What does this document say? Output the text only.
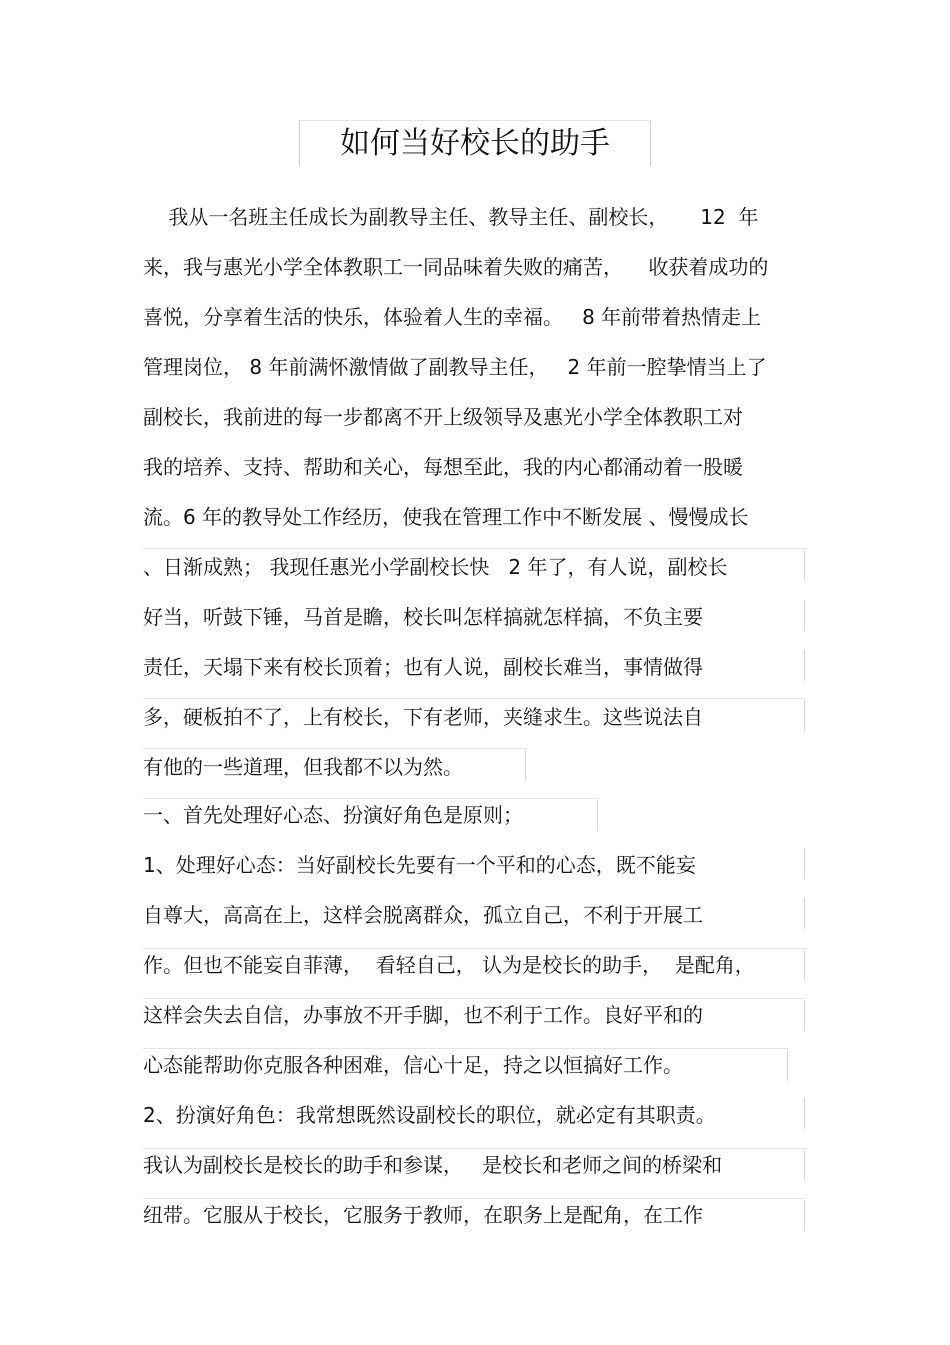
如何当好校长的助手
我从一名班主任成长为副教导主任、教导主任、副校长，     12  年
来，我与惠光小学全体教职工一同品味着失败的痛苦，    收获着成功的
喜悦，分享着生活的快乐，体验着人生的幸福。   8 年前带着热情走上
管理岗位， 8 年前满怀激情做了副教导主任，   2 年前一腔挚情当上了
副校长，我前进的每一步都离不开上级领导及惠光小学全体教职工对
我的培养、支持、帮助和关心，每想至此，我的内心都涌动着一股暖
流。6 年的教导处工作经历，使我在管理工作中不断发展 、慢慢成长
、日渐成熟； 我现任惠光小学副校长快   2 年了，有人说，副校长
好当，听鼓下锤，马首是瞻，校长叫怎样搞就怎样搞，不负主要
责任，天塌下来有校长顶着；也有人说，副校长难当，事情做得
多，硬板拍不了，上有校长，下有老师，夹缝求生。这些说法自
有他的一些道理，但我都不以为然。
一、首先处理好心态、扮演好角色是原则；
1、处理好心态：当好副校长先要有一个平和的心态，既不能妄
自尊大，高高在上，这样会脱离群众，孤立自己，不利于开展工
作。但也不能妄自菲薄，  看轻自己， 认为是校长的助手，  是配角，
这样会失去自信，办事放不开手脚，也不利于工作。良好平和的
心态能帮助你克服各种困难，信心十足，持之以恒搞好工作。
2、扮演好角色：我常想既然设副校长的职位，就必定有其职责。
我认为副校长是校长的助手和参谋，   是校长和老师之间的桥梁和
纽带。它服从于校长，它服务于教师，在职务上是配角，在工作
